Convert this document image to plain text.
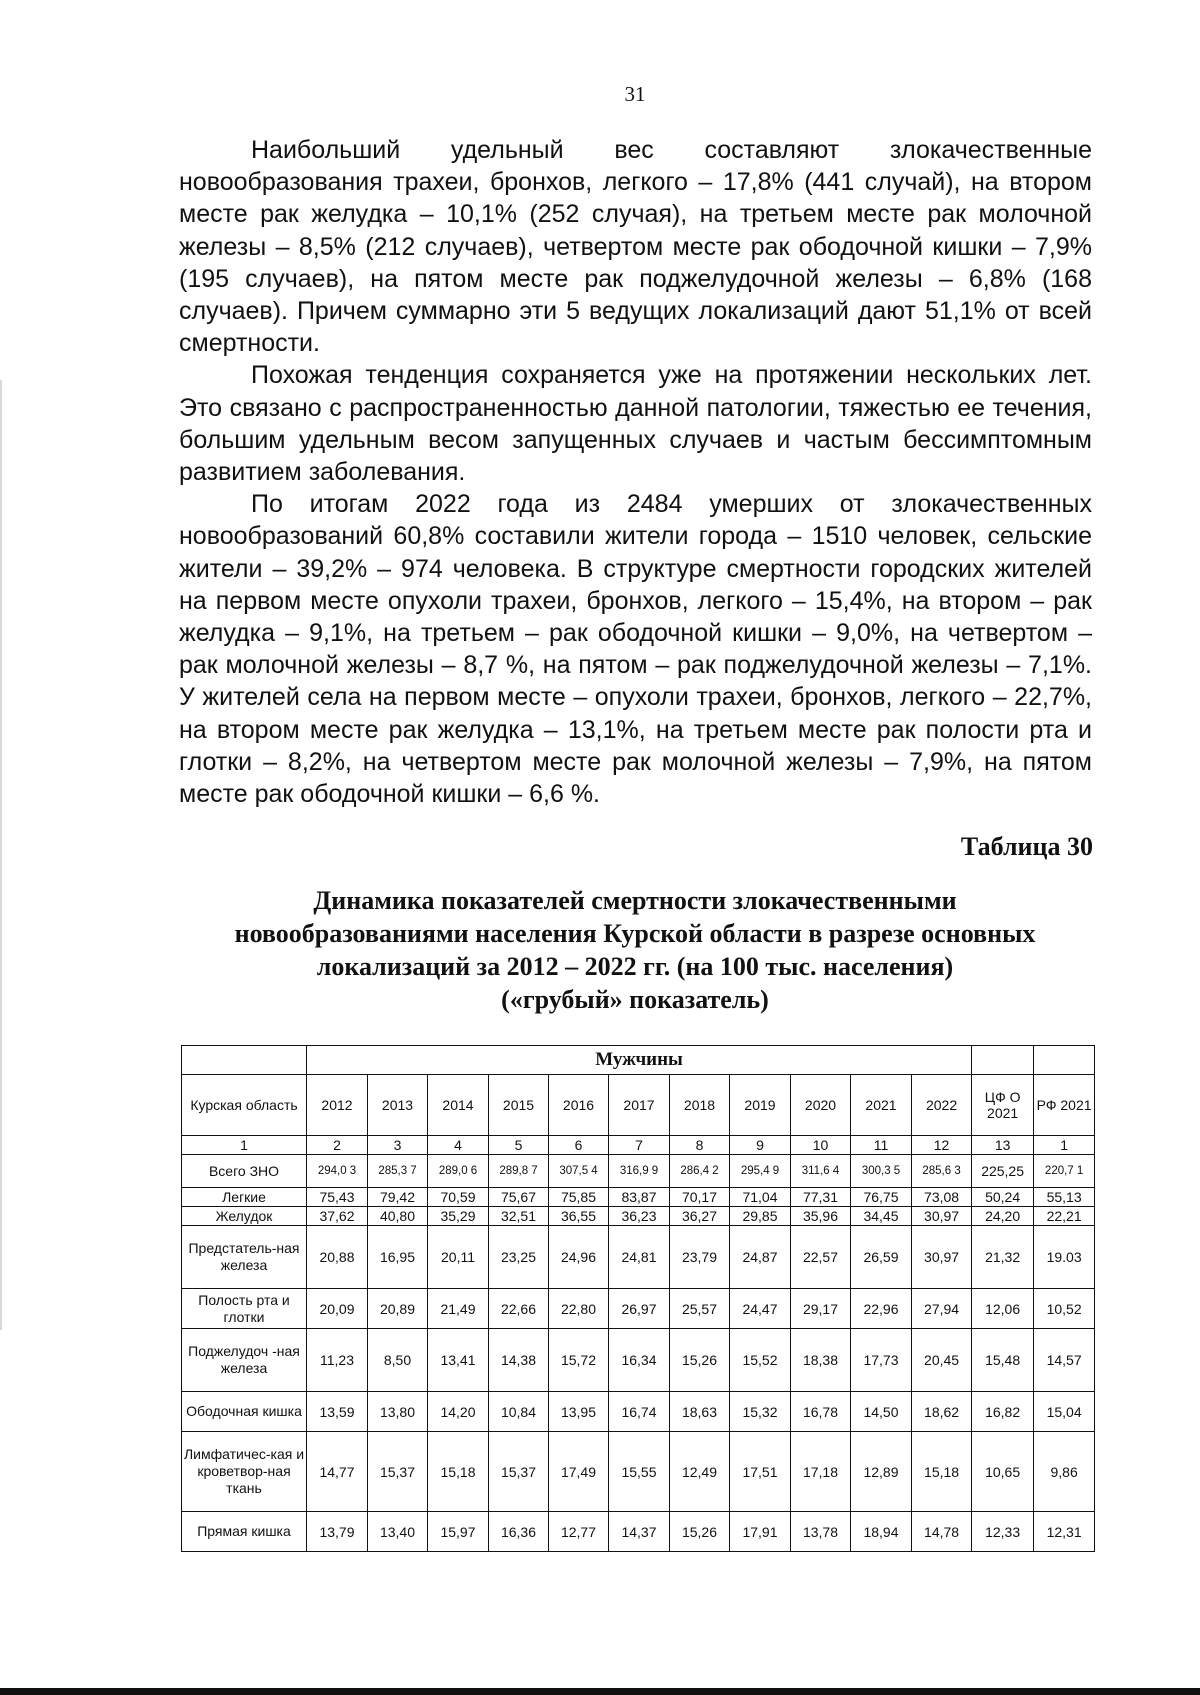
31

Наибольший удельный вес составляют злокачественные новообразования трахеи, бронхов, легкого – 17,8% (441 случай), на втором месте рак желудка – 10,1% (252 случая), на третьем месте рак молочной железы – 8,5% (212 случаев), четвертом месте рак ободочной кишки – 7,9% (195 случаев), на пятом месте рак поджелудочной железы – 6,8% (168 случаев). Причем суммарно эти 5 ведущих локализаций дают 51,1% от всей смертности.

Похожая тенденция сохраняется уже на протяжении нескольких лет. Это связано с распространенностью данной патологии, тяжестью ее течения, большим удельным весом запущенных случаев и частым бессимптомным развитием заболевания.

По итогам 2022 года из 2484 умерших от злокачественных новообразований 60,8% составили жители города – 1510 человек, сельские жители – 39,2% – 974 человека. В структуре смертности городских жителей на первом месте опухоли трахеи, бронхов, легкого – 15,4%, на втором – рак желудка – 9,1%, на третьем – рак ободочной кишки – 9,0%, на четвертом – рак молочной железы – 8,7 %, на пятом – рак поджелудочной железы – 7,1%. У жителей села на первом месте – опухоли трахеи, бронхов, легкого – 22,7%, на втором месте рак желудка – 13,1%, на третьем месте рак полости рта и глотки – 8,2%, на четвертом месте рак молочной железы – 7,9%, на пятом месте рак ободочной кишки – 6,6 %.

Таблица 30
Динамика показателей смертности злокачественными
новообразованиями населения Курской области в разрезе основных
локализаций за 2012 – 2022 гг. (на 100 тыс. населения)
(«грубый» показатель)
	Мужчины												
Курская область	2012	2013	2014	2015	2016	2017	2018	2019	2020	2021	2022	ЦФ О 2021	РФ 2021
1	2	3	4	5	6	7	8	9	10	11	12	13	1
Всего ЗНО	294,0 3	285,3 7	289,0 6	289,8 7	307,5 4	316,9 9	286,4 2	295,4 9	311,6 4	300,3 5	285,6 3	225,25	220,7 1
Легкие	75,43	79,42	70,59	75,67	75,85	83,87	70,17	71,04	77,31	76,75	73,08	50,24	55,13
Желудок	37,62	40,80	35,29	32,51	36,55	36,23	36,27	29,85	35,96	34,45	30,97	24,20	22,21
Предстатель-ная железа	20,88	16,95	20,11	23,25	24,96	24,81	23,79	24,87	22,57	26,59	30,97	21,32	19.03
Полость рта и глотки	20,09	20,89	21,49	22,66	22,80	26,97	25,57	24,47	29,17	22,96	27,94	12,06	10,52
Поджелудоч -ная железа	11,23	8,50	13,41	14,38	15,72	16,34	15,26	15,52	18,38	17,73	20,45	15,48	14,57
Ободочная кишка	13,59	13,80	14,20	10,84	13,95	16,74	18,63	15,32	16,78	14,50	18,62	16,82	15,04
Лимфатичес-кая и кроветвор-ная ткань	14,77	15,37	15,18	15,37	17,49	15,55	12,49	17,51	17,18	12,89	15,18	10,65	9,86
Прямая кишка	13,79	13,40	15,97	16,36	12,77	14,37	15,26	17,91	13,78	18,94	14,78	12,33	12,31
